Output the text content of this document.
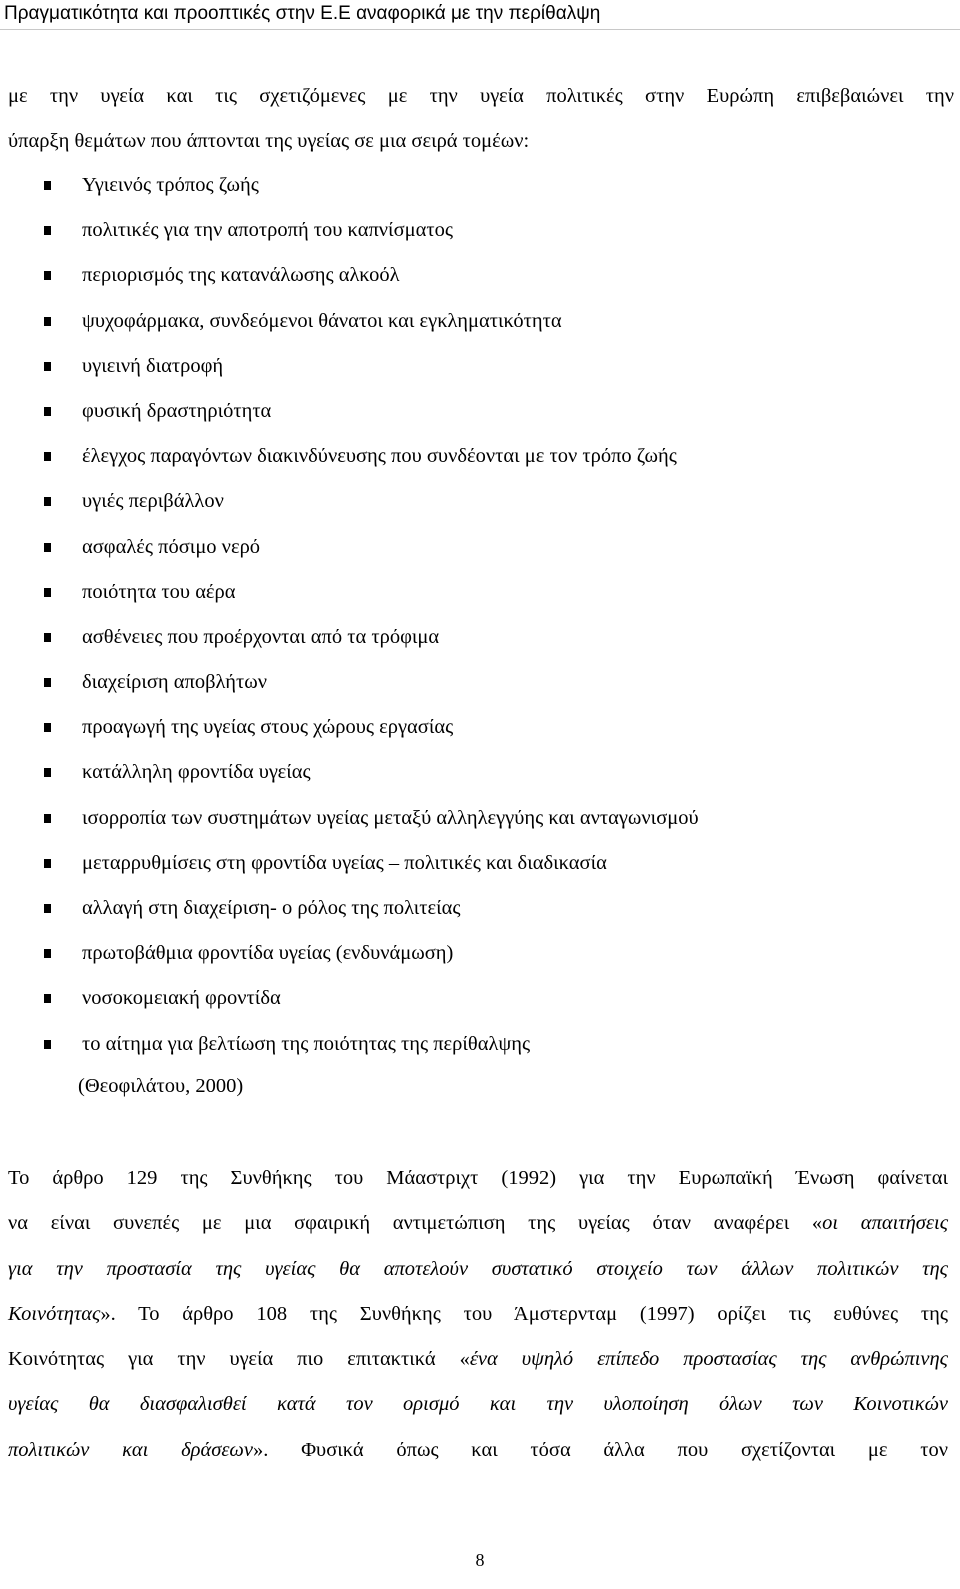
Πραγματικότητα και προοπτικές στην Ε.Ε αναφορικά με την περίθαλψη

με την υγεία και τις σχετιζόμενες με την υγεία πολιτικές στην Ευρώπη επιβεβαιώνει την
ύπαρξη θεμάτων που άπτονται της υγείας σε μια σειρά τομέων:

Υγιεινός τρόπος ζωής
πολιτικές για την αποτροπή του καπνίσματος
περιορισμός της κατανάλωσης αλκοόλ
ψυχοφάρμακα, συνδεόμενοι θάνατοι και εγκληματικότητα
υγιεινή διατροφή
φυσική δραστηριότητα
έλεγχος παραγόντων διακινδύνευσης που συνδέονται με τον τρόπο ζωής
υγιές περιβάλλον
ασφαλές πόσιμο νερό
ποιότητα του αέρα
ασθένειες που προέρχονται από τα τρόφιμα
διαχείριση αποβλήτων
προαγωγή της υγείας στους χώρους εργασίας
κατάλληλη φροντίδα υγείας
ισορροπία των συστημάτων υγείας μεταξύ αλληλεγγύης και ανταγωνισμού
μεταρρυθμίσεις στη φροντίδα υγείας – πολιτικές και διαδικασία
αλλαγή στη διαχείριση- ο ρόλος της πολιτείας
πρωτοβάθμια φροντίδα υγείας (ενδυνάμωση)
νοσοκομειακή φροντίδα
το αίτημα για βελτίωση της ποιότητας της περίθαλψης

(Θεοφιλάτου, 2000)

Το άρθρο 129 της Συνθήκης του Μάαστριχτ (1992) για την Ευρωπαϊκή Ένωση φαίνεται
να είναι συνεπές με μια σφαιρική αντιμετώπιση της υγείας όταν αναφέρει «οι απαιτήσεις
για την προστασία της υγείας θα αποτελούν συστατικό στοιχείο των άλλων πολιτικών της
Κοινότητας». Το άρθρο 108 της Συνθήκης του Άμστερνταμ (1997) ορίζει τις ευθύνες της
Κοινότητας για την υγεία πιο επιτακτικά «ένα υψηλό επίπεδο προστασίας της ανθρώπινης
υγείας θα διασφαλισθεί κατά τον ορισμό και την υλοποίηση όλων των Κοινοτικών
πολιτικών και δράσεων». Φυσικά όπως και τόσα άλλα που σχετίζονται με τον

8
